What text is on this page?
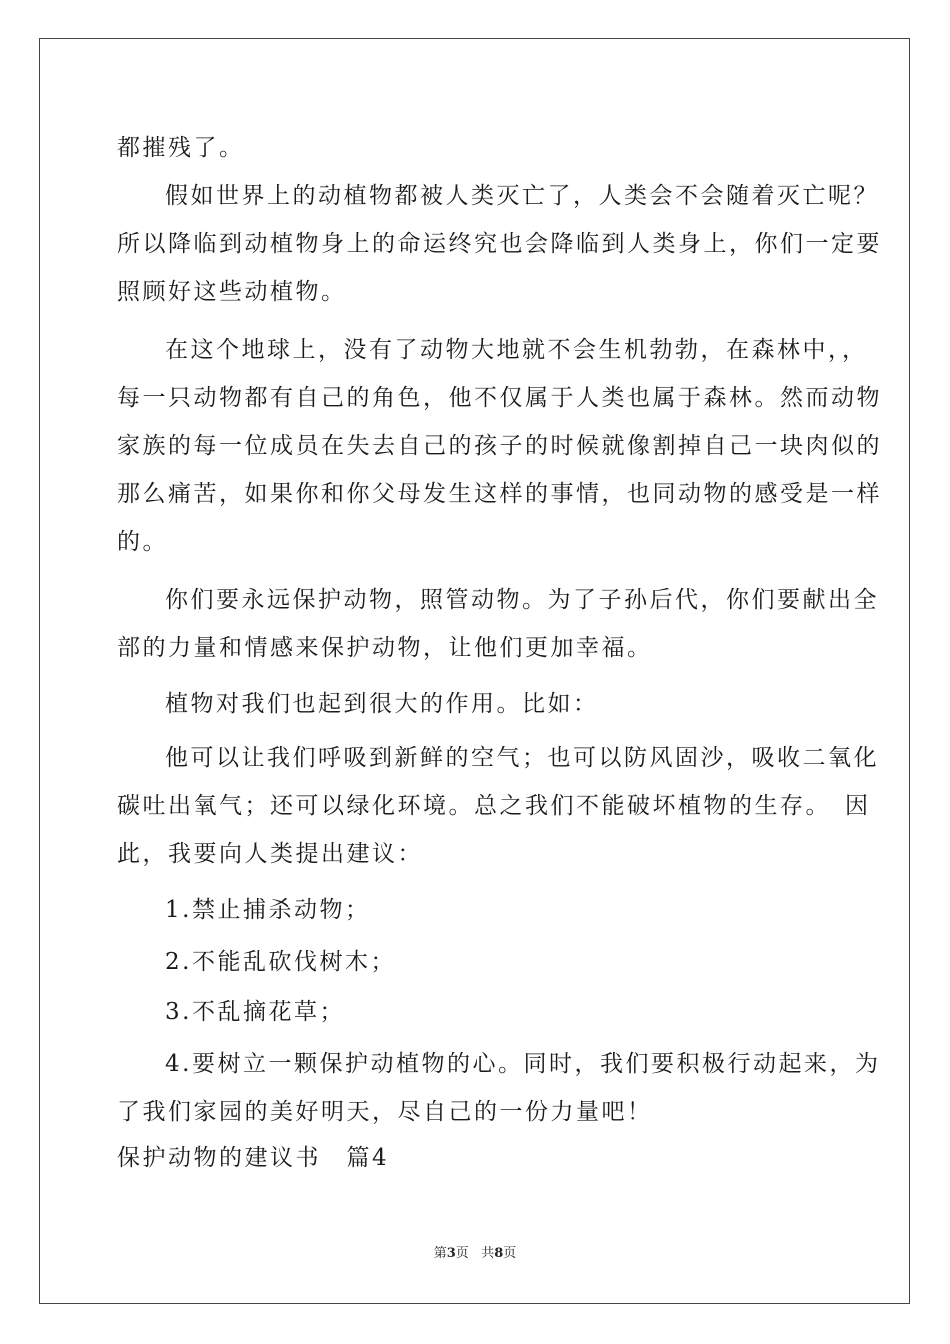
都摧残了。
假如世界上的动植物都被人类灭亡了，人类会不会随着灭亡呢？
所以降临到动植物身上的命运终究也会降临到人类身上，你们一定要
照顾好这些动植物。
在这个地球上，没有了动物大地就不会生机勃勃，在森林中，，
每一只动物都有自己的角色，他不仅属于人类也属于森林。然而动物
家族的每一位成员在失去自己的孩子的时候就像割掉自己一块肉似的
那么痛苦，如果你和你父母发生这样的事情，也同动物的感受是一样
的。
你们要永远保护动物，照管动物。为了子孙后代，你们要献出全
部的力量和情感来保护动物，让他们更加幸福。
植物对我们也起到很大的作用。比如：
他可以让我们呼吸到新鲜的空气；也可以防风固沙，吸收二氧化
碳吐出氧气；还可以绿化环境。总之我们不能破坏植物的生存。　因
此，我要向人类提出建议：
1.禁止捕杀动物；
2.不能乱砍伐树木；
3.不乱摘花草；
4.要树立一颗保护动植物的心。同时，我们要积极行动起来，为
了我们家园的美好明天，尽自己的一份力量吧！
保护动物的建议书　篇4
第3页 共8页
